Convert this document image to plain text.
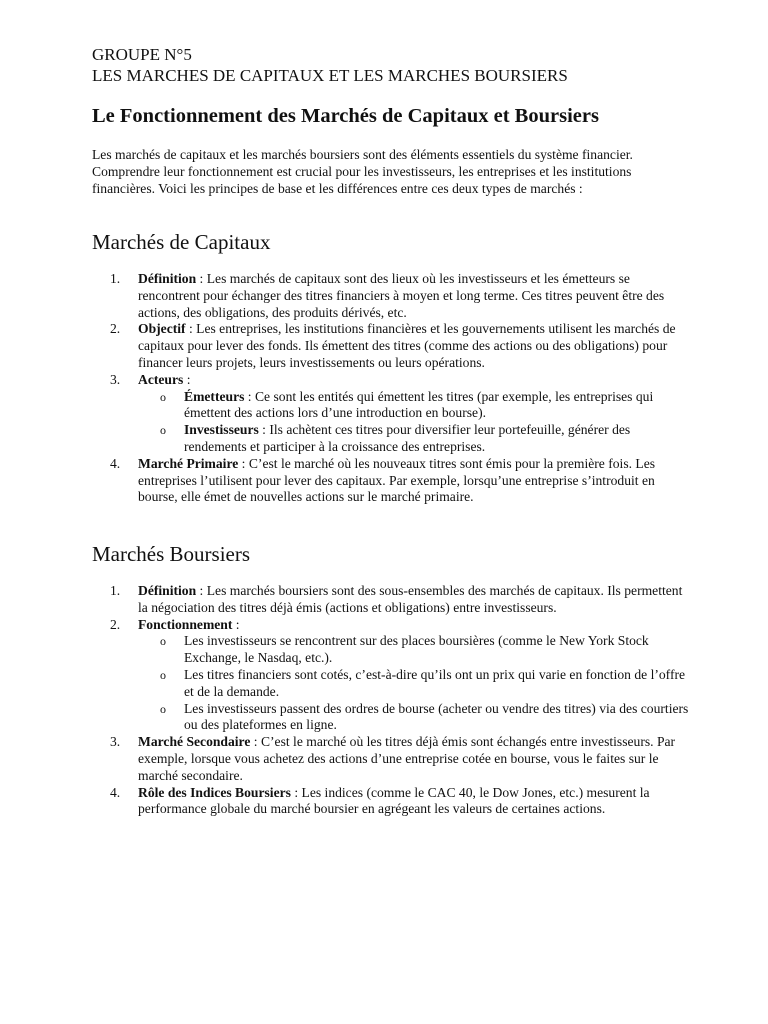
GROUPE N°5
LES MARCHES DE CAPITAUX ET LES MARCHES BOURSIERS
Le Fonctionnement des Marchés de Capitaux et Boursiers

Les marchés de capitaux et les marchés boursiers sont des éléments essentiels du système financier. Comprendre leur fonctionnement est crucial pour les investisseurs, les entreprises et les institutions financières. Voici les principes de base et les différences entre ces deux types de marchés :

Marchés de Capitaux
1. Définition : Les marchés de capitaux sont des lieux où les investisseurs et les émetteurs se rencontrent pour échanger des titres financiers à moyen et long terme. Ces titres peuvent être des actions, des obligations, des produits dérivés, etc.
2. Objectif : Les entreprises, les institutions financières et les gouvernements utilisent les marchés de capitaux pour lever des fonds. Ils émettent des titres (comme des actions ou des obligations) pour financer leurs projets, leurs investissements ou leurs opérations.
3. Acteurs :
o Émetteurs : Ce sont les entités qui émettent les titres (par exemple, les entreprises qui émettent des actions lors d’une introduction en bourse).
o Investisseurs : Ils achètent ces titres pour diversifier leur portefeuille, générer des rendements et participer à la croissance des entreprises.
4. Marché Primaire : C’est le marché où les nouveaux titres sont émis pour la première fois. Les entreprises l’utilisent pour lever des capitaux. Par exemple, lorsqu’une entreprise s’introduit en bourse, elle émet de nouvelles actions sur le marché primaire.
Marchés Boursiers
1. Définition : Les marchés boursiers sont des sous-ensembles des marchés de capitaux. Ils permettent la négociation des titres déjà émis (actions et obligations) entre investisseurs.
2. Fonctionnement :
o Les investisseurs se rencontrent sur des places boursières (comme le New York Stock Exchange, le Nasdaq, etc.).
o Les titres financiers sont cotés, c’est-à-dire qu’ils ont un prix qui varie en fonction de l’offre et de la demande.
o Les investisseurs passent des ordres de bourse (acheter ou vendre des titres) via des courtiers ou des plateformes en ligne.
3. Marché Secondaire : C’est le marché où les titres déjà émis sont échangés entre investisseurs. Par exemple, lorsque vous achetez des actions d’une entreprise cotée en bourse, vous le faites sur le marché secondaire.
4. Rôle des Indices Boursiers : Les indices (comme le CAC 40, le Dow Jones, etc.) mesurent la performance globale du marché boursier en agrégeant les valeurs de certaines actions.
